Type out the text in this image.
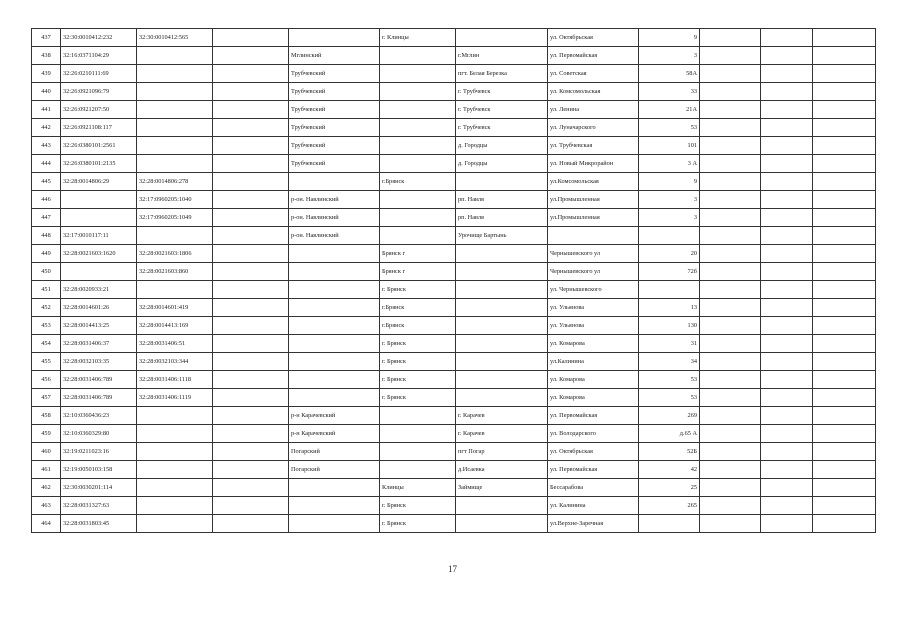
437	32:30:0010412:232	32:30:0010412:565			г. Клинцы		ул. Октябрьская	9			
438	32:16:0371104:29			Мглинский		г.Мглин	ул. Первомайская	3			
439	32:26:0210111:69			Трубчевский		пгт. Белая Березка	ул. Советская	58А			
440	32:26:0921096:79			Трубчевский		г. Трубчевск	ул. Комсомольская	33			
441	32:26:0921207:50			Трубчевский		г. Трубчевск	ул. Ленина	21А			
442	32:26:0921108:117			Трубчевский		г. Трубчевск	ул. Луначарского	53			
443	32:26:0380101:2561			Трубчевский		д. Городцы	ул. Трубчевская	101			
444	32:26:0380101:2135			Трубчевский		д. Городцы	ул. Новый Микрорайон	3 А			
445	32:28:0014806:29	32:28:0014806:278			г.Брянск		ул.Комсомольская	9			
446		32:17:0960205:1040		р-он. Навлинский		рп. Навля	ул.Промышленная	3			
447		32:17:0960205:1049		р-он. Навлинский		рп. Навля	ул.Промышленная	3			
448	32:17:0010117:11			р-он. Навлинский		Урочище Бартынь					
449	32:28:0021603:1620	32:28:0021603:1806			Брянск г		Чернышевского ул	20			
450		32:28:0021603:860			Брянск г		Чернышевского ул	72б			
451	32:28:0020933:21				г. Брянск		ул. Чернышевского				
452	32:28:0014601:26	32:28:0014601:419			г.Брянск		ул. Ульянова	13			
453	32:28:0014413:25	32:28:0014413:169			г.Брянск		ул. Ульянова	130			
454	32:28:0031406:37	32:28:0031406:51			г. Брянск		ул. Комарова	31			
455	32:28:0032103:35	32:28:0032103:344			г. Брянск		ул.Калинина	34			
456	32:28:0031406:789	32:28:0031406:1118			г. Брянск		ул. Комарова	53			
457	32:28:0031406:789	32:28:0031406:1119			г. Брянск		ул. Комарова	53			
458	32:10:0360436:23			р-н Карачевский		г. Карачев	ул. Первомайская	269			
459	32:10:0360329:80			р-н Карачевский		г. Карачев	ул. Володарского	д.65 А			
460	32:19:0211023:16			Погарский		пгт Погар	ул. Октябрьская	52Б			
461	32:19:0050103:158			Погарский		д.Исаевка	ул. Первомайская	42			
462	32:30:0030201:114				Клинцы	Займище	Бессарабова	25			
463	32:28:0031327:63				г. Брянск		ул. Калинина	265			
464	32:28:0031803:45				г. Брянск		ул.Верхне-Заречная				
17
